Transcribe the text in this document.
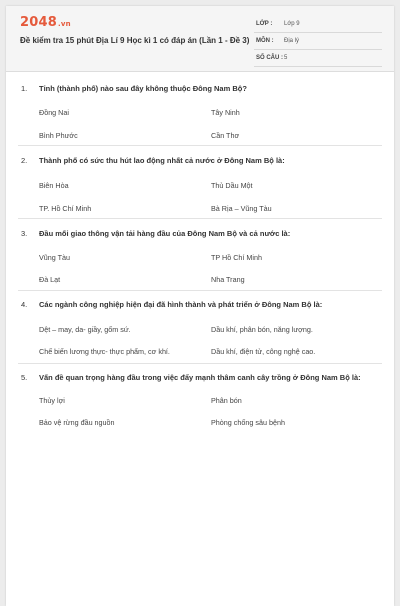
2048.vn
Đề kiểm tra 15 phút Địa Lí 9 Học kì 1 có đáp án (Lần 1 - Đề 3)
LỚP : Lớp 9
MÔN : Địa lý
SỐ CÂU : 5
1. Tỉnh (thành phố) nào sau đây không thuộc Đông Nam Bộ?
Đồng Nai	Tây Ninh
Bình Phước	Cần Thơ
2. Thành phố có sức thu hút lao động nhất cả nước ở Đông Nam Bộ là:
Biên Hòa	Thủ Dầu Một
TP. Hồ Chí Minh	Bà Rịa – Vũng Tàu
3. Đầu mối giao thông vận tải hàng đầu của Đông Nam Bộ và cả nước là:
Vũng Tàu	TP Hồ Chí Minh
Đà Lạt	Nha Trang
4. Các ngành công nghiệp hiện đại đã hình thành và phát triển ở Đông Nam Bộ là:
Dệt – may, da- giầy, gốm sứ.	Dầu khí, phân bón, năng lượng.
Chế biến lương thực- thực phẩm, cơ khí.	Dầu khí, điện tử, công nghệ cao.
5. Vấn đề quan trọng hàng đầu trong việc đẩy mạnh thâm canh cây trồng ở Đông Nam Bộ là:
Thủy lợi	Phân bón
Bảo vệ rừng đầu nguồn	Phòng chống sâu bệnh
